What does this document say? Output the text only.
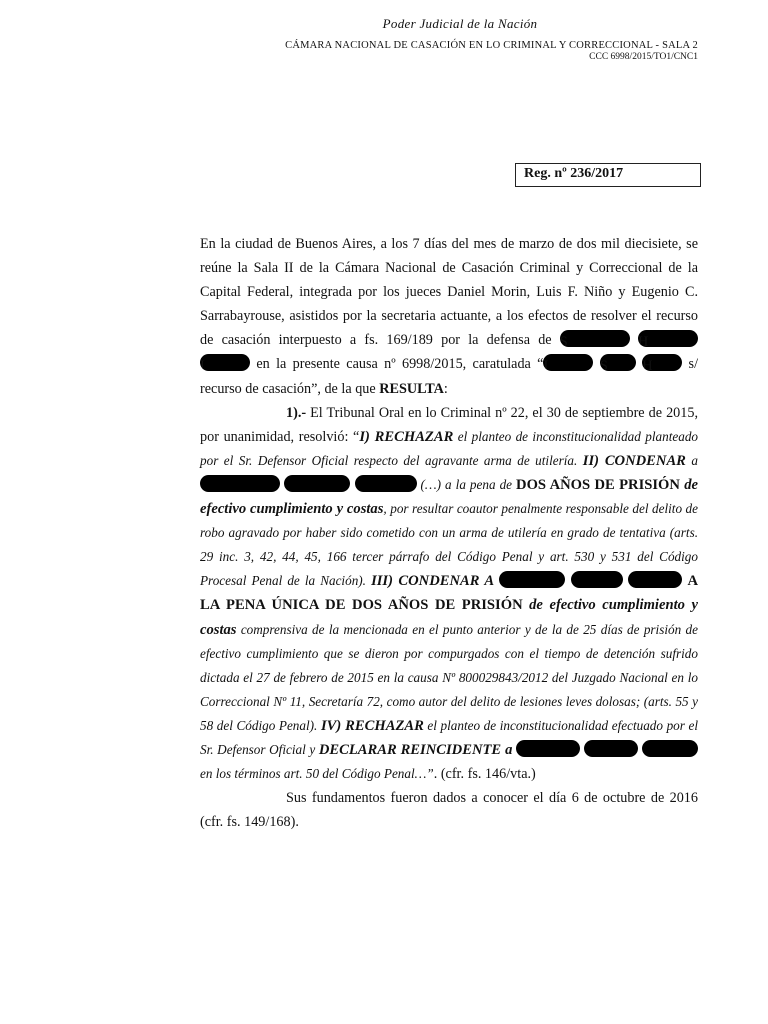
Poder Judicial de la Nación
CÁMARA NACIONAL DE CASACIÓN EN LO CRIMINAL Y CORRECCIONAL - SALA 2
CCC 6998/2015/TO1/CNC1
Reg. nº 236/2017

En la ciudad de Buenos Aires, a los 7 días del mes de marzo de dos mil diecisiete, se reúne la Sala II de la Cámara Nacional de Casación Criminal y Correccional de la Capital Federal, integrada por los jueces Daniel Morin, Luis F. Niño y Eugenio C. Sarrabayrouse, asistidos por la secretaria actuante, a los efectos de resolver el recurso de casación interpuesto a fs. 169/189 por la defensa de S	H I	en la presente causa nº 6998/2015, caratulada “I	S H s/ recurso de casación”, de la que RESULTA:

1).- El Tribunal Oral en lo Criminal nº 22, el 30 de septiembre de 2015, por unanimidad, resolvió: “I) RECHAZAR el planteo de inconstitucionalidad planteado por el Sr. Defensor Oficial respecto del agravante arma de utilería. II) CONDENAR a    (…) a la pena de DOS AÑOS DE PRISIÓN de efectivo cumplimiento y costas, por resultar coautor penalmente responsable del delito de robo agravado por haber sido cometido con un arma de utilería en grado de tentativa (arts. 29 inc. 3, 42, 44, 45, 166 tercer párrafo del Código Penal y art. 530 y 531 del Código Procesal Penal de la Nación). III) CONDENAR A	A LA PENA ÚNICA DE DOS AÑOS DE PRISIÓN de efectivo cumplimiento y costas comprensiva de la mencionada en el punto anterior y de la de 25 días de prisión de efectivo cumplimiento que se dieron por compurgados con el tiempo de detención sufrido dictada el 27 de febrero de 2015 en la causa Nº 800029843/2012 del Juzgado Nacional en lo Correccional Nº 11, Secretaría 72, como autor del delito de lesiones leves dolosas; (arts. 55 y 58 del Código Penal). IV) RECHAZAR el planteo de inconstitucionalidad efectuado por el Sr. Defensor Oficial y DECLARAR REINCIDENTE a    en los términos art. 50 del Código Penal…”. (cfr. fs. 146/vta.)

Sus fundamentos fueron dados a conocer el día 6 de octubre de 2016 (cfr. fs. 149/168).
